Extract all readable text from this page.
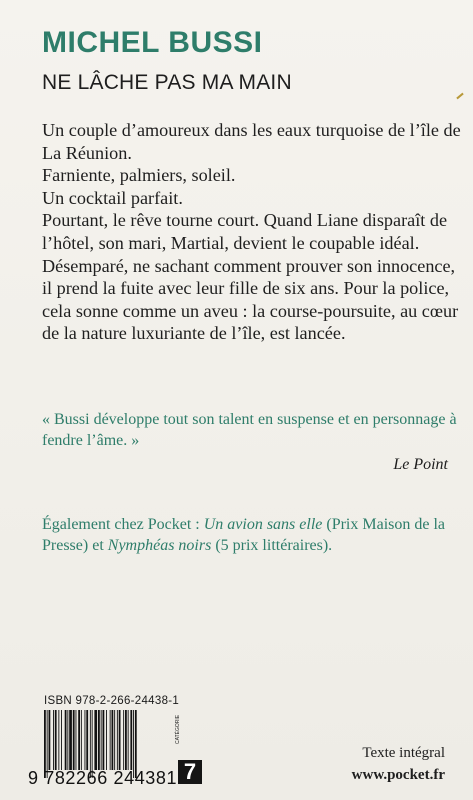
MICHEL BUSSI
NE LÂCHE PAS MA MAIN

Un couple d’amoureux dans les eaux turquoise de l’île de La Réunion.

Farniente, palmiers, soleil.

Un cocktail parfait.

Pourtant, le rêve tourne court. Quand Liane disparaît de l’hôtel, son mari, Martial, devient le coupable idéal. Désemparé, ne sachant comment prouver son innocence, il prend la fuite avec leur fille de six ans. Pour la police, cela sonne comme un aveu : la course-poursuite, au cœur de la nature luxuriante de l’île, est lancée.

« Bussi développe tout son talent en suspense et en personnage à fendre l’âme. »

Le Point

Également chez Pocket : Un avion sans elle (Prix Maison de la Presse) et Nymphéas noirs (5 prix littéraires).
ISBN 978-2-266-24438-1
9 782266 244381
CATÉGORIE
7
Texte intégral
www.pocket.fr
